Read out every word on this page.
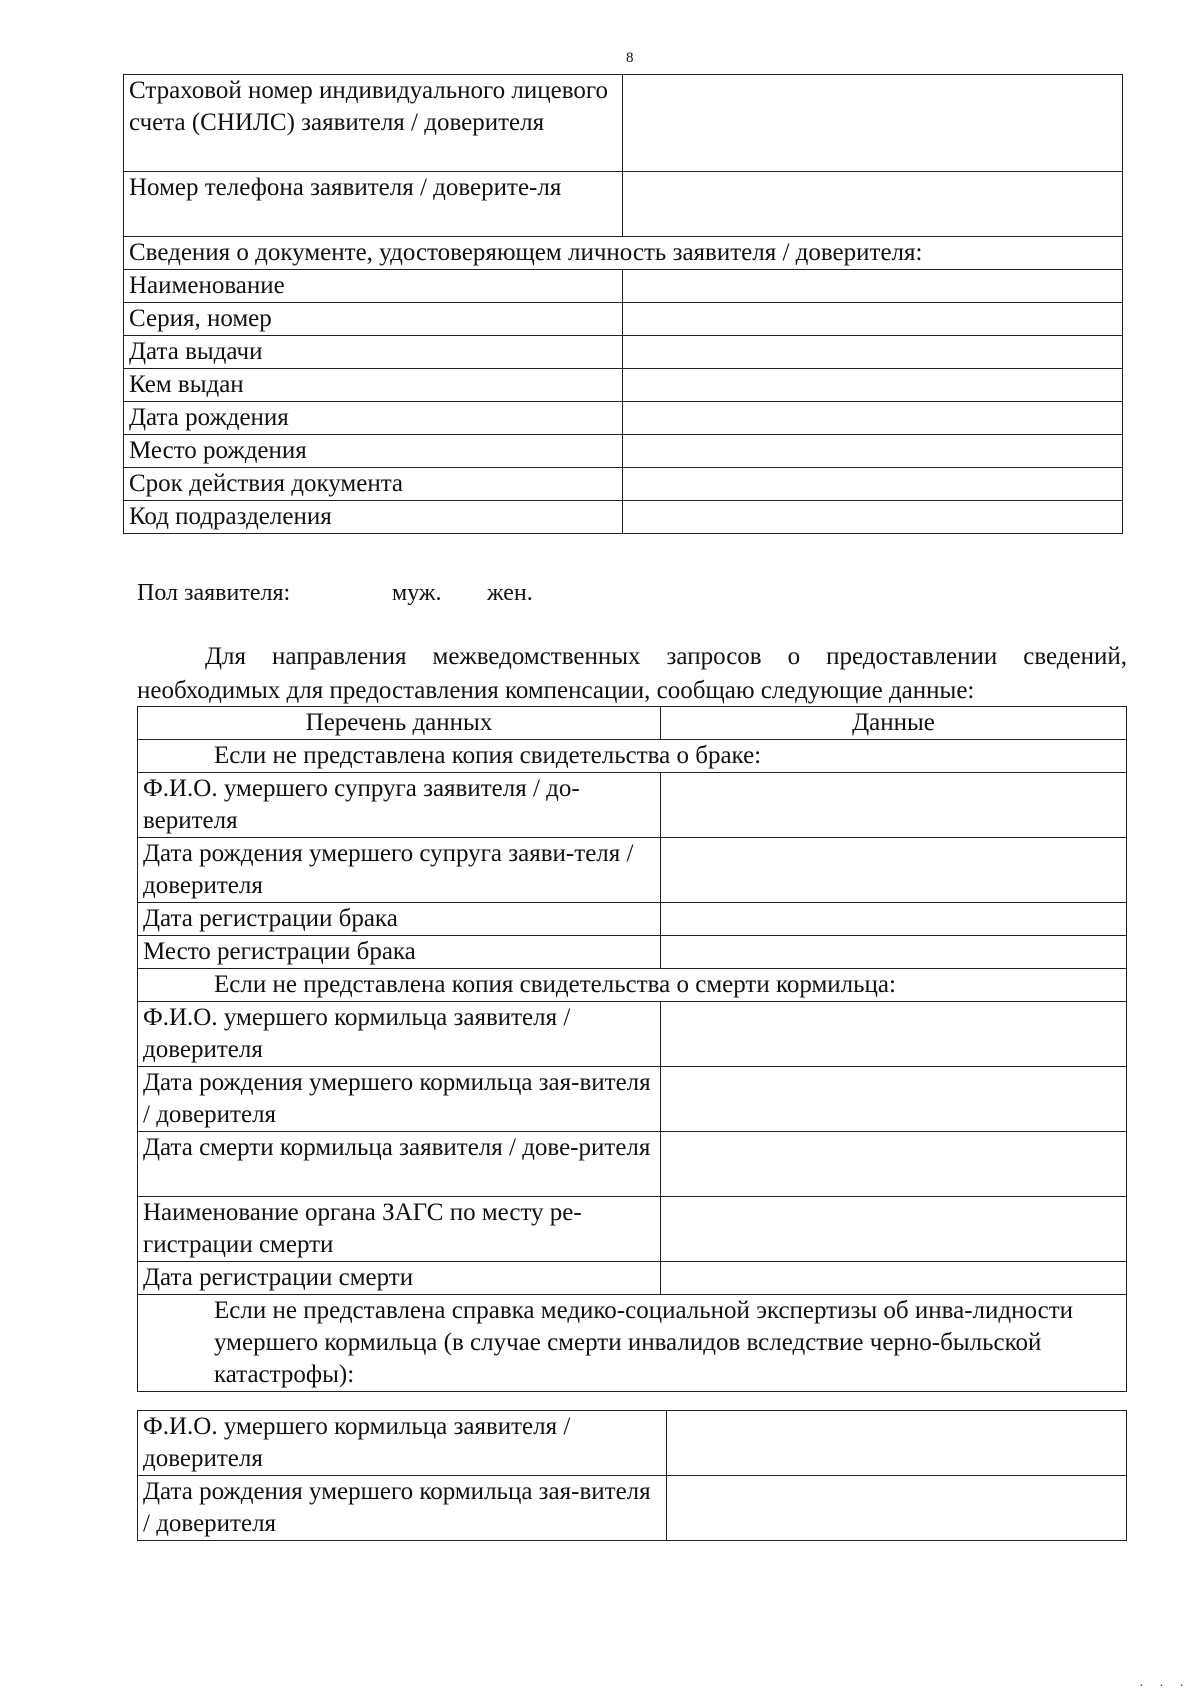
8
Страховой номер индивидуального лицевого счета (СНИЛС) заявителя / доверителя	
Номер телефона заявителя / доверите-ля	
Сведения о документе, удостоверяющем личность заявителя / доверителя:	
Наименование	
Серия, номер	
Дата выдачи	
Кем выдан	
Дата рождения	
Место рождения	
Срок действия документа	
Код подразделения	
Пол заявителя:	муж.	жен.
Для направления межведомственных запросов о предоставлении сведений, необходимых для предоставления компенсации, сообщаю следующие данные:
Перечень данных	Данные
Если не представлена копия свидетельства о браке:	
Ф.И.О. умершего супруга заявителя / до-верителя	
Дата рождения умершего супруга заяви-теля / доверителя	
Дата регистрации брака	
Место регистрации брака	
Если не представлена копия свидетельства о смерти кормильца:	
Ф.И.О. умершего кормильца заявителя / доверителя	
Дата рождения умершего кормильца зая-вителя / доверителя	
Дата смерти кормильца заявителя / дове-рителя	
Наименование органа ЗАГС по месту ре-гистрации смерти	
Дата регистрации смерти	
Если не представлена справка медико-социальной экспертизы об инва-лидности умершего кормильца (в случае смерти инвалидов вследствие черно-быльской катастрофы):	
Ф.И.О. умершего кормильца заявителя / доверителя	
Дата рождения умершего кормильца зая-вителя / доверителя	
· · ·
